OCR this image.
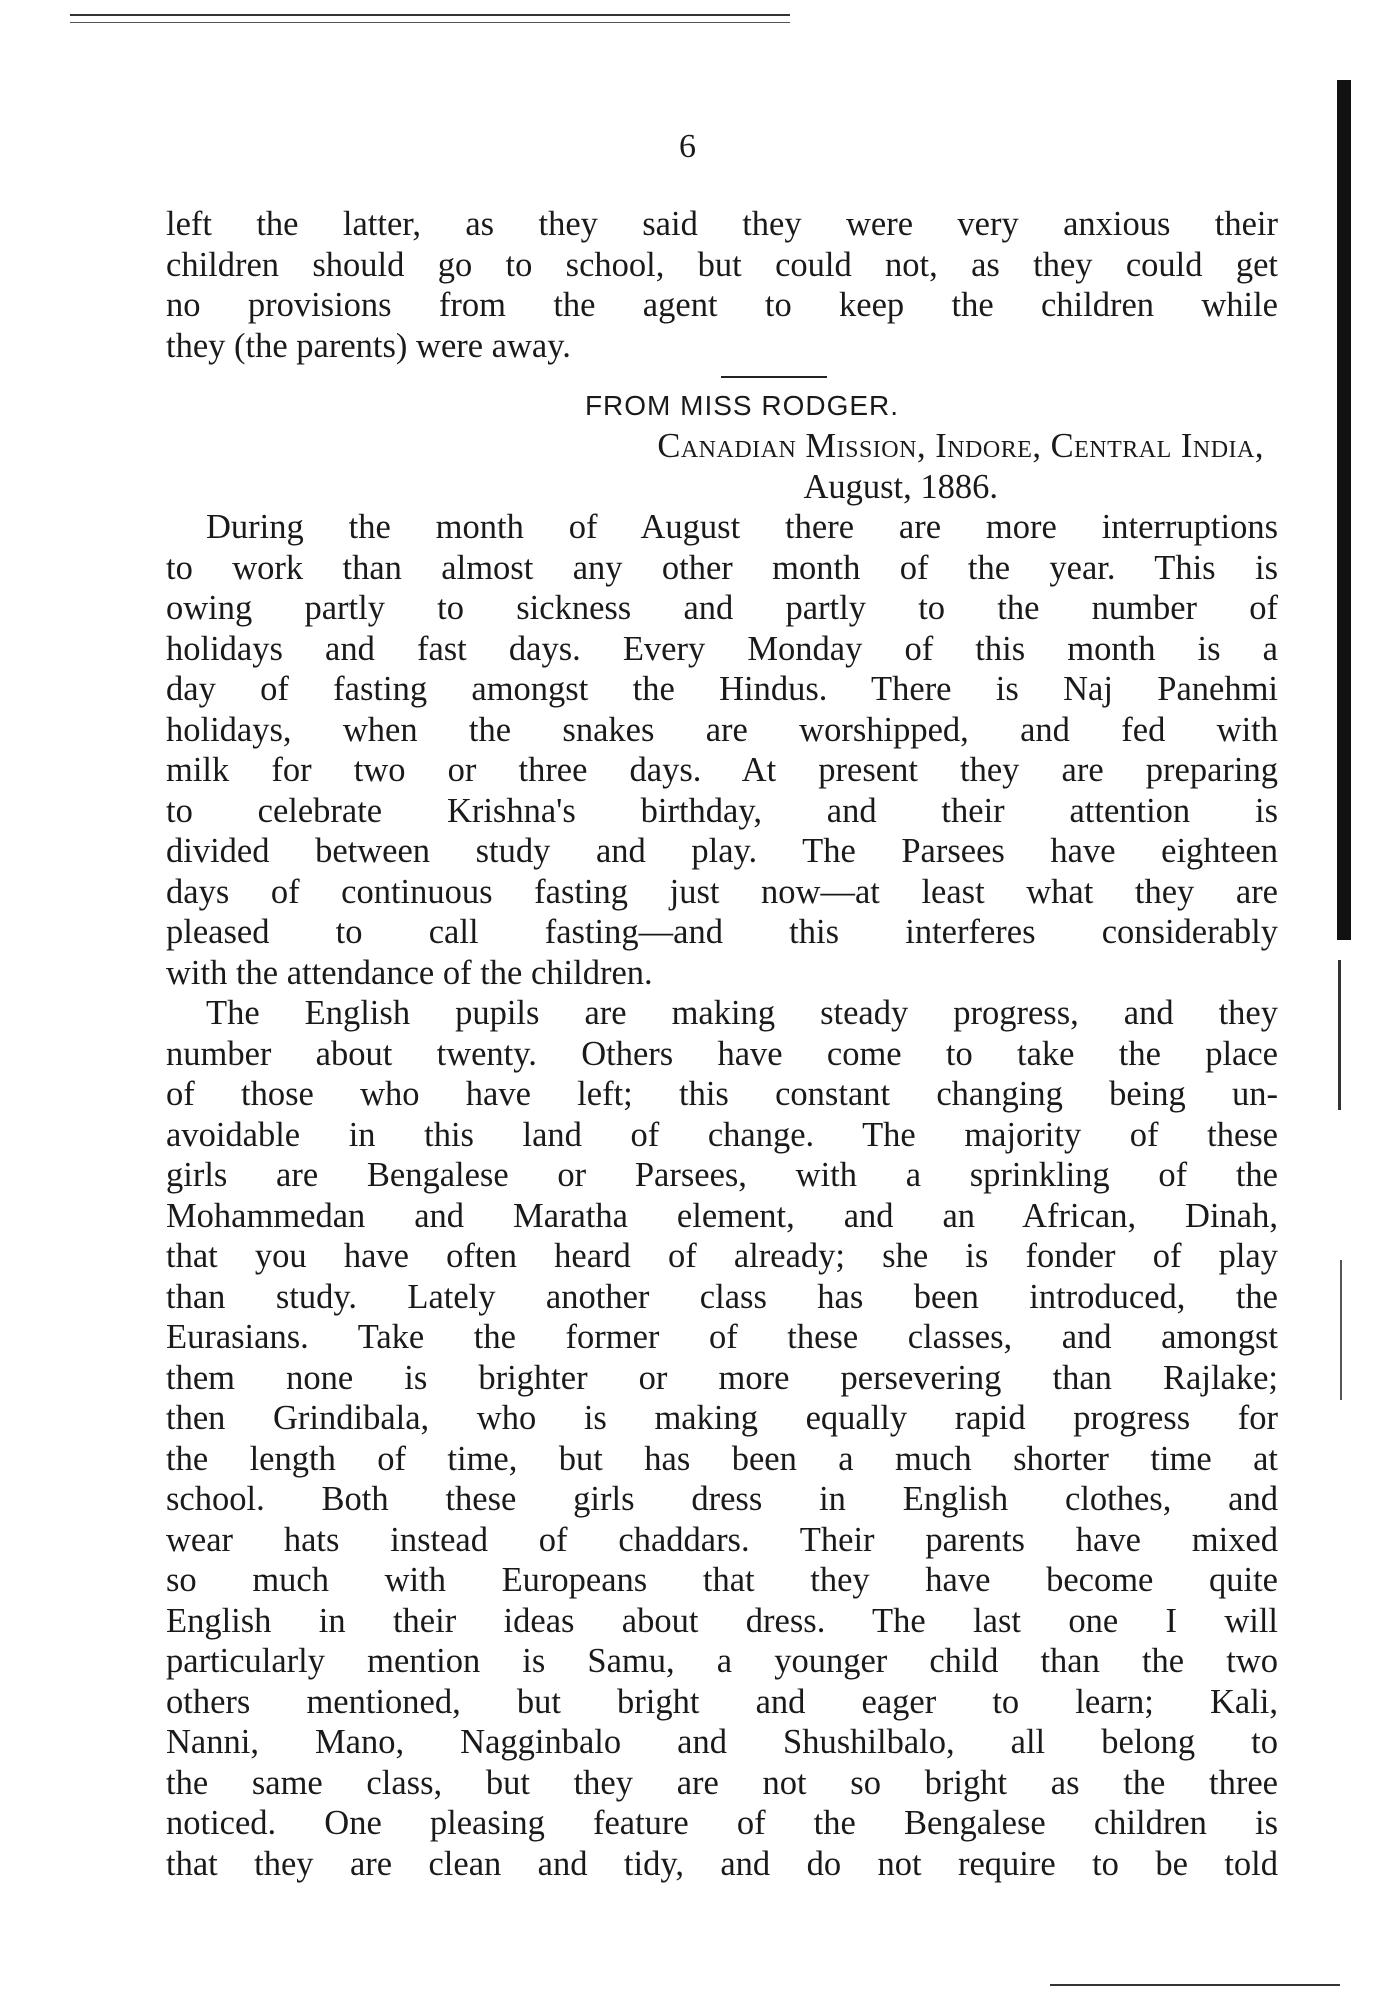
6
left the latter, as they said they were very anxious their
children should go to school, but could not, as they could get
no provisions from the agent to keep the children while
they (the parents) were away.
FROM MISS RODGER.
Canadian Mission, Indore, Central India,
August, 1886.
During the month of August there are more interruptions
to work than almost any other month of the year. This is
owing partly to sickness and partly to the number of
holidays and fast days. Every Monday of this month is a
day of fasting amongst the Hindus. There is Naj Panehmi
holidays, when the snakes are worshipped, and fed with
milk for two or three days. At present they are preparing
to celebrate Krishna's birthday, and their attention is
divided between study and play. The Parsees have eighteen
days of continuous fasting just now—at least what they are
pleased to call fasting—and this interferes considerably
with the attendance of the children.
The English pupils are making steady progress, and they
number about twenty. Others have come to take the place
of those who have left; this constant changing being un-
avoidable in this land of change. The majority of these
girls are Bengalese or Parsees, with a sprinkling of the
Mohammedan and Maratha element, and an African, Dinah,
that you have often heard of already; she is fonder of play
than study. Lately another class has been introduced, the
Eurasians. Take the former of these classes, and amongst
them none is brighter or more persevering than Rajlake;
then Grindibala, who is making equally rapid progress for
the length of time, but has been a much shorter time at
school. Both these girls dress in English clothes, and
wear hats instead of chaddars. Their parents have mixed
so much with Europeans that they have become quite
English in their ideas about dress. The last one I will
particularly mention is Samu, a younger child than the two
others mentioned, but bright and eager to learn; Kali,
Nanni, Mano, Nagginbalo and Shushilbalo, all belong to
the same class, but they are not so bright as the three
noticed. One pleasing feature of the Bengalese children is
that they are clean and tidy, and do not require to be told
